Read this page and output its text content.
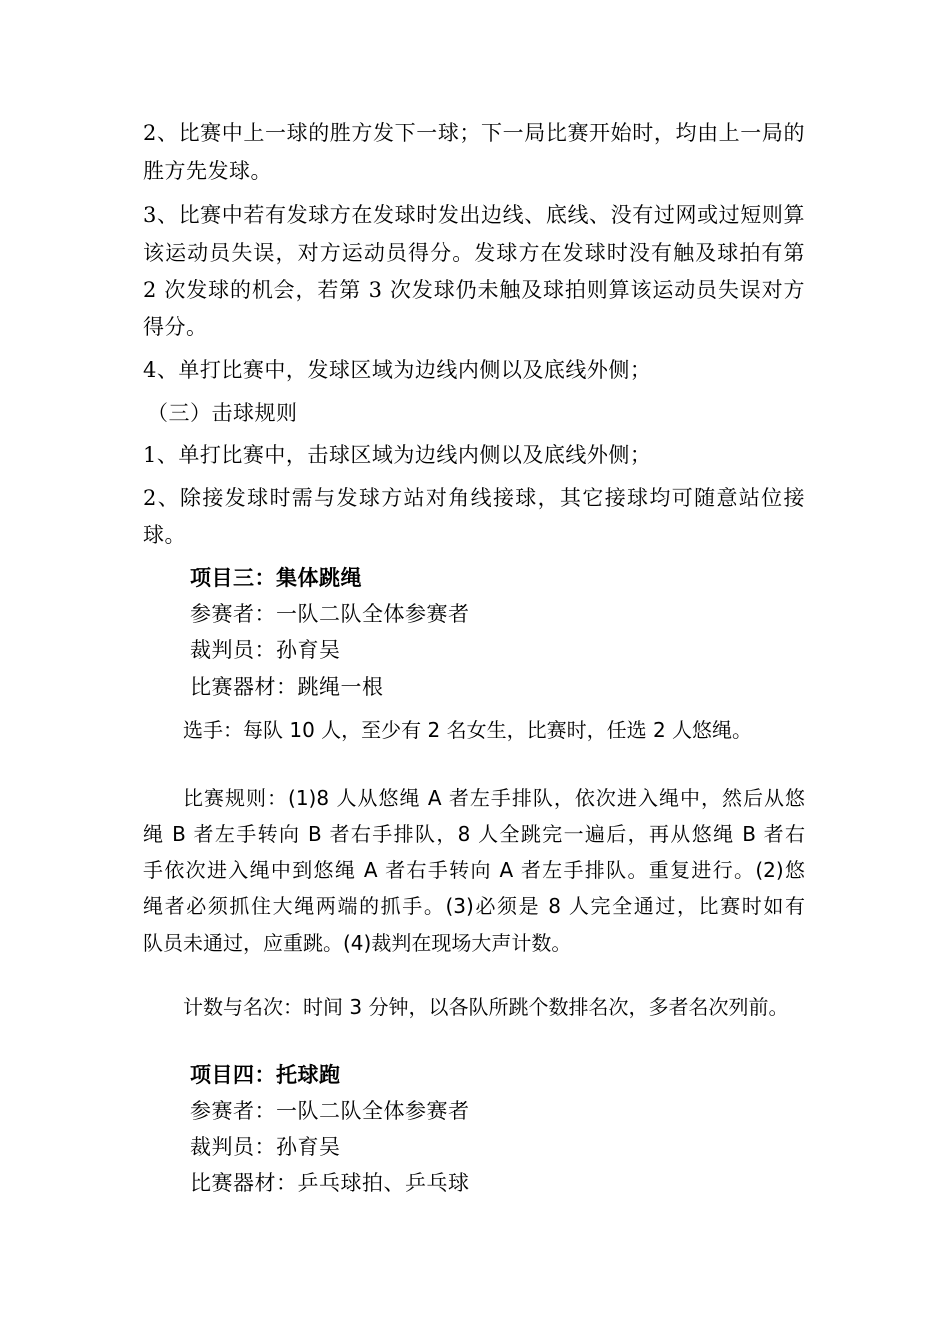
2、比赛中上一球的胜方发下一球；下一局比赛开始时，均由上一局的
胜方先发球。
3、比赛中若有发球方在发球时发出边线、底线、没有过网或过短则算
该运动员失误，对方运动员得分。发球方在发球时没有触及球拍有第
2 次发球的机会，若第 3 次发球仍未触及球拍则算该运动员失误对方
得分。
4、单打比赛中，发球区域为边线内侧以及底线外侧；
（三）击球规则
1、单打比赛中，击球区域为边线内侧以及底线外侧；
2、除接发球时需与发球方站对角线接球，其它接球均可随意站位接
球。
项目三：集体跳绳
参赛者：一队二队全体参赛者
裁判员：孙育吴
比赛器材：跳绳一根
选手：每队 10 人，至少有 2 名女生，比赛时，任选 2 人悠绳。
比赛规则：(1)8 人从悠绳 A 者左手排队，依次进入绳中，然后从悠
绳 B 者左手转向 B 者右手排队，8 人全跳完一遍后，再从悠绳 B 者右
手依次进入绳中到悠绳 A 者右手转向 A 者左手排队。重复进行。(2)悠
绳者必须抓住大绳两端的抓手。(3)必须是 8 人完全通过，比赛时如有
队员未通过，应重跳。(4)裁判在现场大声计数。
计数与名次：时间 3 分钟，以各队所跳个数排名次，多者名次列前。
项目四：托球跑
参赛者：一队二队全体参赛者
裁判员：孙育吴
比赛器材：乒乓球拍、乒乓球
